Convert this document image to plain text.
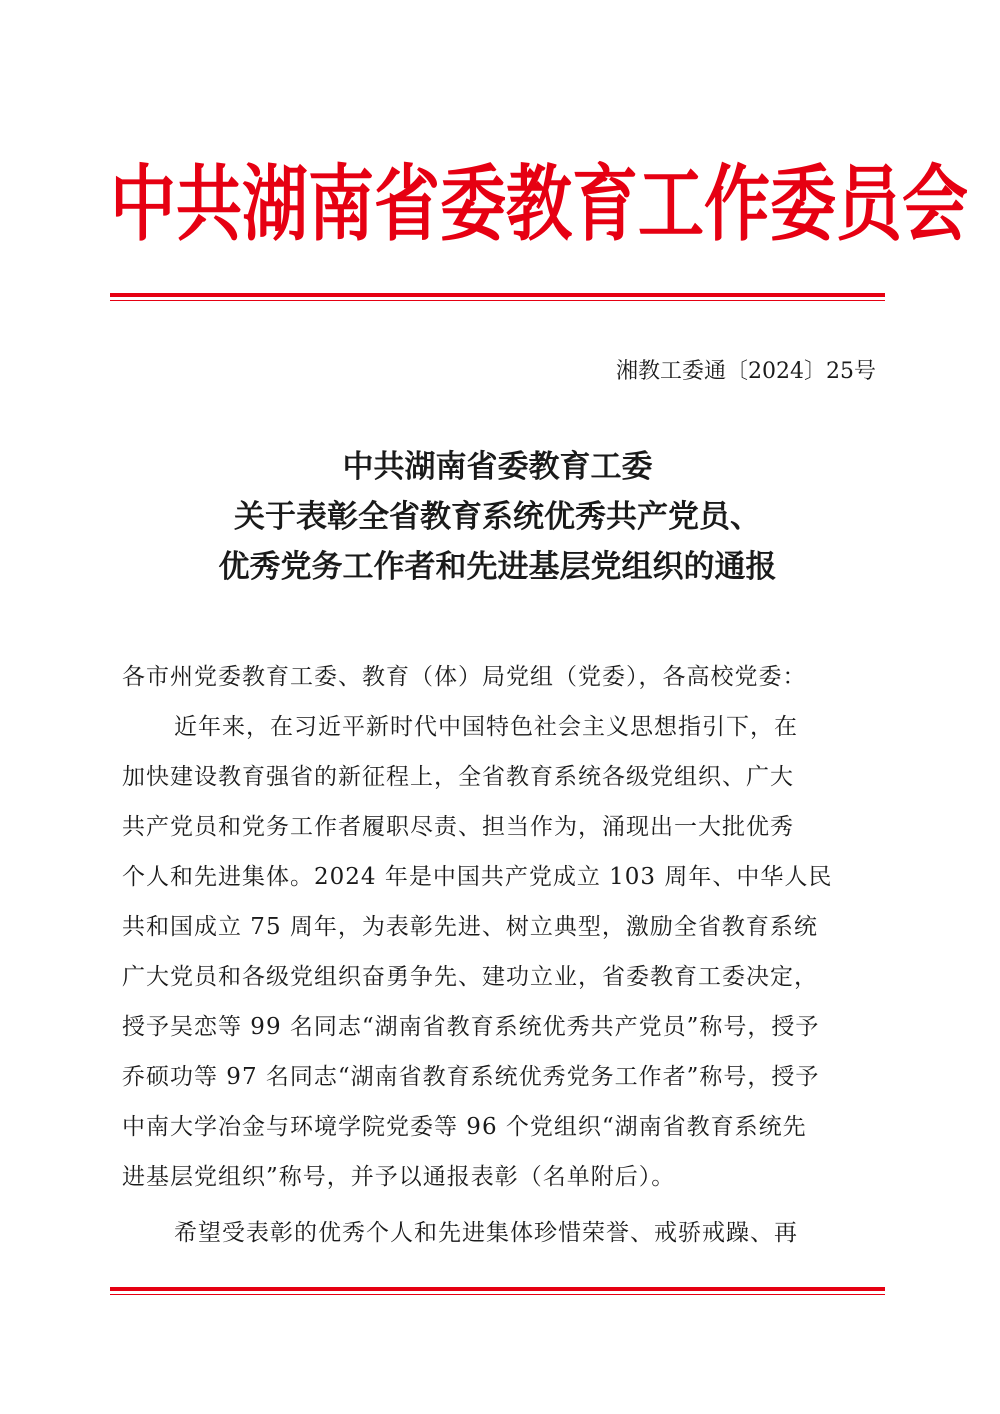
中共湖南省委教育工作委员会
湘教工委通〔2024〕25号
中共湖南省委教育工委
关于表彰全省教育系统优秀共产党员、
优秀党务工作者和先进基层党组织的通报

各市州党委教育工委、教育（体）局党组（党委），各高校党委：

近年来，在习近平新时代中国特色社会主义思想指引下，在

加快建设教育强省的新征程上，全省教育系统各级党组织、广大

共产党员和党务工作者履职尽责、担当作为，涌现出一大批优秀

个人和先进集体。2024 年是中国共产党成立 103 周年、中华人民

共和国成立 75 周年，为表彰先进、树立典型，激励全省教育系统

广大党员和各级党组织奋勇争先、建功立业，省委教育工委决定，

授予吴恋等 99 名同志“湖南省教育系统优秀共产党员”称号，授予

乔硕功等 97 名同志“湖南省教育系统优秀党务工作者”称号，授予

中南大学冶金与环境学院党委等 96 个党组织“湖南省教育系统先

进基层党组织”称号，并予以通报表彰（名单附后）。

希望受表彰的优秀个人和先进集体珍惜荣誉、戒骄戒躁、再
